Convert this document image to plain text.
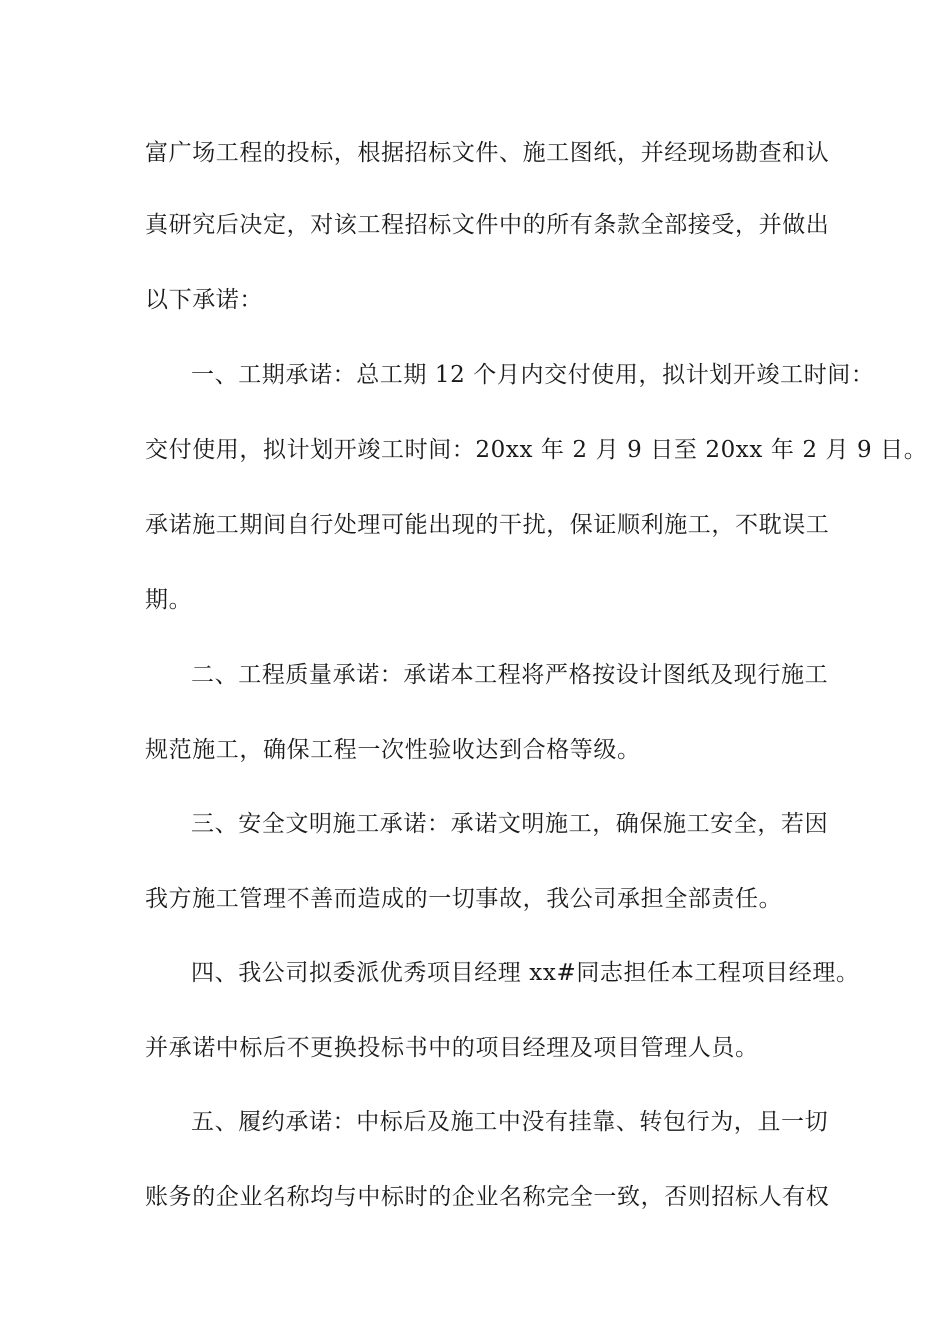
富广场工程的投标，根据招标文件、施工图纸，并经现场勘查和认
真研究后决定，对该工程招标文件中的所有条款全部接受，并做出
以下承诺：
一、工期承诺：总工期 12 个月内交付使用，拟计划开竣工时间：
交付使用，拟计划开竣工时间：20xx 年 2 月 9 日至 20xx 年 2 月 9 日。
承诺施工期间自行处理可能出现的干扰，保证顺利施工，不耽误工
期。
二、工程质量承诺：承诺本工程将严格按设计图纸及现行施工
规范施工，确保工程一次性验收达到合格等级。
三、安全文明施工承诺：承诺文明施工，确保施工安全，若因
我方施工管理不善而造成的一切事故，我公司承担全部责任。
四、我公司拟委派优秀项目经理 xx#同志担任本工程项目经理。
并承诺中标后不更换投标书中的项目经理及项目管理人员。
五、履约承诺：中标后及施工中没有挂靠、转包行为，且一切
账务的企业名称均与中标时的企业名称完全一致，否则招标人有权
